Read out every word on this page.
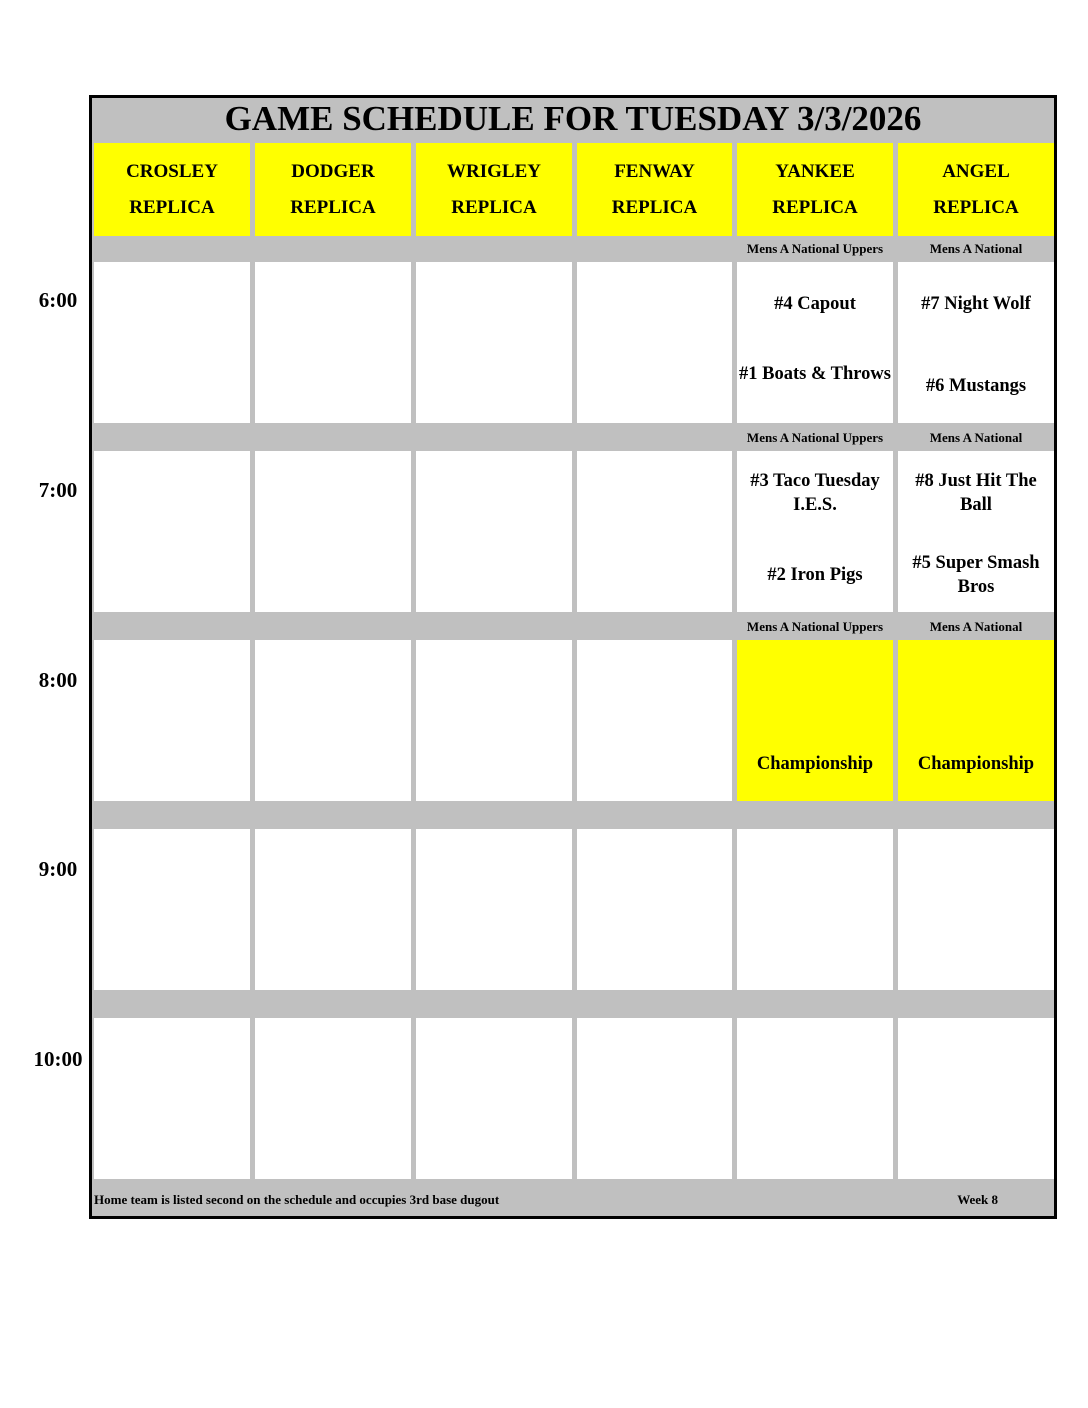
6:00
7:00
8:00
9:00
10:00
GAME SCHEDULE FOR TUESDAY 3/3/2026
CROSLEY
REPLICA
DODGER
REPLICA
WRIGLEY
REPLICA
FENWAY
REPLICA
YANKEE
REPLICA
ANGEL
REPLICA
Mens A National Uppers
#4 Capout
#1 Boats & Throws
Mens A National
#7 Night Wolf
#6 Mustangs
Mens A National Uppers
#3 Taco Tuesday I.E.S.
#2 Iron Pigs
Mens A National
#8 Just Hit The Ball
#5 Super Smash Bros
Mens A National Uppers
Championship
Mens A National
Championship
Home team is listed second on the schedule and occupies 3rd base dugout	Week 8
